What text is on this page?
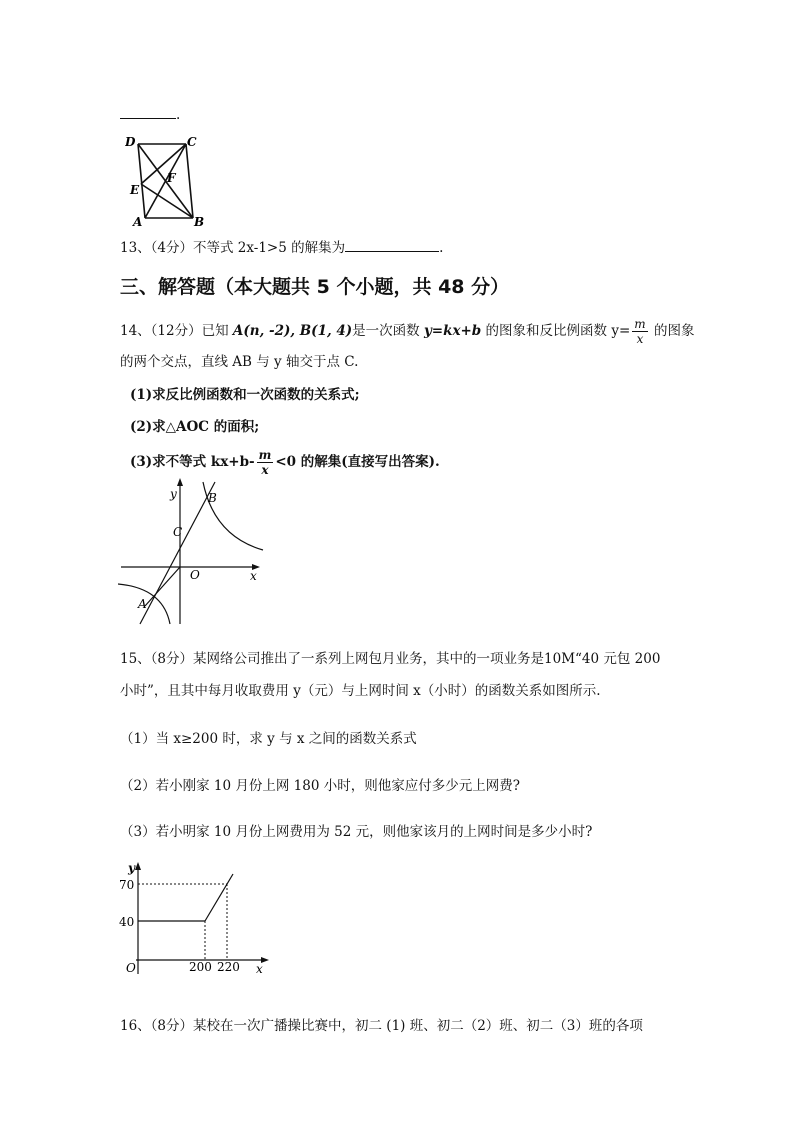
.
D	C
E
F
A	B
13、（4分）不等式 2x-1>5 的解集为	.
三、解答题（本大题共 5 个小题，共 48 分）
14、（12分）已知 A(n, -2), B(1, 4)是一次函数 y=kx+b 的图象和反比例函数 $y= \frac{m}{x}$ 的图象
的两个交点，直线 AB 与 y 轴交于点 C.
(1)求反比例函数和一次函数的关系式;
(2)求△AOC 的面积;
(3)求不等式 $kx+b- \frac{m}{x} <0$ 的解集(直接写出答案).
y
x
O
C
B
A
15、（8分）某网络公司推出了一系列上网包月业务，其中的一项业务是10M“40 元包 200
小时”，且其中每月收取费用 y（元）与上网时间 x（小时）的函数关系如图所示.
（1）当 x≥200 时，求 y 与 x 之间的函数关系式
（2）若小刚家 10 月份上网 180 小时，则他家应付多少元上网费?
（3）若小明家 10 月份上网费用为 52 元，则他家该月的上网时间是多少小时?
y
x
O
70
40
200 220
16、（8分）某校在一次广播操比赛中，初二 (1) 班、初二（2）班、初二（3）班的各项
